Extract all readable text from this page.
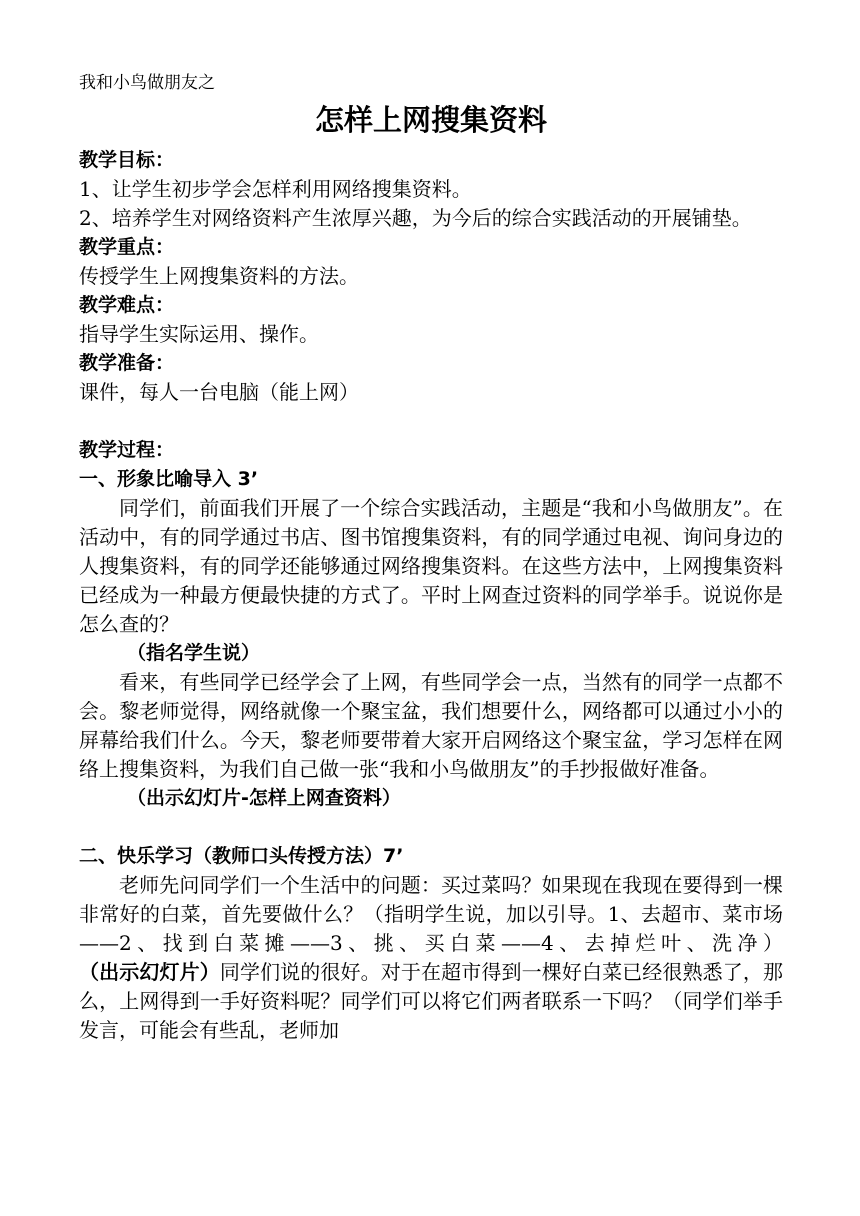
我和小鸟做朋友之
怎样上网搜集资料
教学目标：
1、让学生初步学会怎样利用网络搜集资料。
2、培养学生对网络资料产生浓厚兴趣，为今后的综合实践活动的开展铺垫。
教学重点：
传授学生上网搜集资料的方法。
教学难点：
指导学生实际运用、操作。
教学准备：
课件，每人一台电脑（能上网）
教学过程：
一、形象比喻导入 3’
同学们，前面我们开展了一个综合实践活动，主题是“我和小鸟做朋友”。在活动中，有的同学通过书店、图书馆搜集资料，有的同学通过电视、询问身边的人搜集资料，有的同学还能够通过网络搜集资料。在这些方法中，上网搜集资料已经成为一种最方便最快捷的方式了。平时上网查过资料的同学举手。说说你是怎么查的？
（指名学生说）
看来，有些同学已经学会了上网，有些同学会一点，当然有的同学一点都不会。黎老师觉得，网络就像一个聚宝盆，我们想要什么，网络都可以通过小小的屏幕给我们什么。今天，黎老师要带着大家开启网络这个聚宝盆，学习怎样在网络上搜集资料，为我们自己做一张“我和小鸟做朋友”的手抄报做好准备。
（出示幻灯片-怎样上网查资料）
二、快乐学习（教师口头传授方法）7’
老师先问同学们一个生活中的问题：买过菜吗？如果现在我现在要得到一棵非常好的白菜，首先要做什么？（指明学生说，加以引导。1、去超市、菜市场——2、找到白菜摊——3、挑、买白菜——4、去掉烂叶、洗净）（出示幻灯片）同学们说的很好。对于在超市得到一棵好白菜已经很熟悉了，那么，上网得到一手好资料呢？同学们可以将它们两者联系一下吗？（同学们举手发言，可能会有些乱，老师加
